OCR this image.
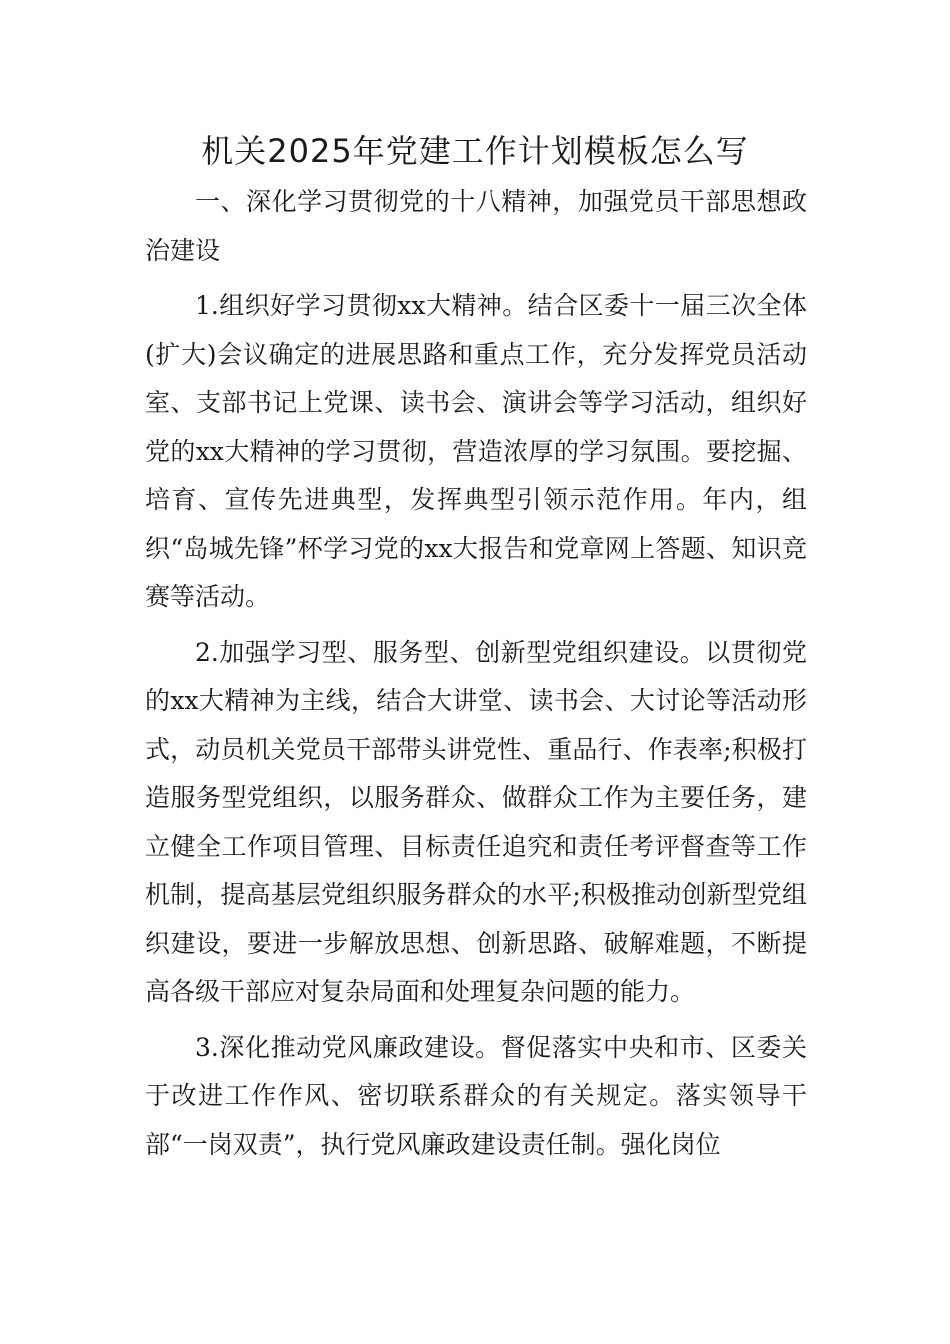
机关2025年党建工作计划模板怎么写

一、深化学习贯彻党的十八精神，加强党员干部思想政治建设

1.组织好学习贯彻xx大精神。结合区委十一届三次全体(扩大)会议确定的进展思路和重点工作，充分发挥党员活动室、支部书记上党课、读书会、演讲会等学习活动，组织好党的xx大精神的学习贯彻，营造浓厚的学习氛围。要挖掘、培育、宣传先进典型，发挥典型引领示范作用。年内，组织“岛城先锋”杯学习党的xx大报告和党章网上答题、知识竞赛等活动。

2.加强学习型、服务型、创新型党组织建设。以贯彻党的xx大精神为主线，结合大讲堂、读书会、大讨论等活动形式，动员机关党员干部带头讲党性、重品行、作表率;积极打造服务型党组织，以服务群众、做群众工作为主要任务，建立健全工作项目管理、目标责任追究和责任考评督查等工作机制，提高基层党组织服务群众的水平;积极推动创新型党组织建设，要进一步解放思想、创新思路、破解难题，不断提高各级干部应对复杂局面和处理复杂问题的能力。

3.深化推动党风廉政建设。督促落实中央和市、区委关于改进工作作风、密切联系群众的有关规定。落实领导干部“一岗双责”，执行党风廉政建设责任制。强化岗位
